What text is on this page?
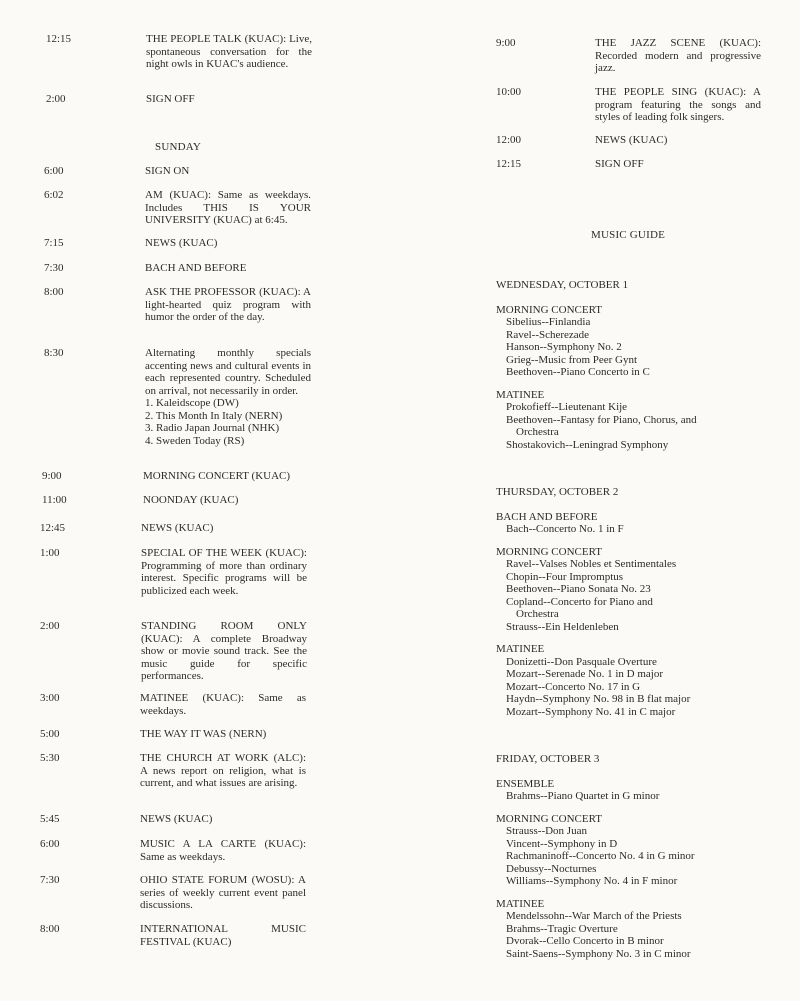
12:15	THE PEOPLE TALK (KUAC): Live, spontaneous conversation for the night owls in KUAC's audience.
2:00	SIGN OFF
SUNDAY
6:00	SIGN ON
6:02	AM (KUAC): Same as weekdays. Includes THIS IS YOUR UNIVERSITY (KUAC) at 6:45.
7:15	NEWS (KUAC)
7:30	BACH AND BEFORE
8:00	ASK THE PROFESSOR (KUAC): A light-hearted quiz program with humor the order of the day.
8:30	Alternating monthly specials accenting news and cultural events in each represented country. Scheduled on arrival, not necessarily in order.
1. Kaleidscope (DW)
2. This Month In Italy (NERN)
3. Radio Japan Journal (NHK)
4. Sweden Today (RS)
9:00	MORNING CONCERT (KUAC)
11:00	NOONDAY (KUAC)
12:45	NEWS (KUAC)
1:00	SPECIAL OF THE WEEK (KUAC): Programming of more than ordinary interest. Specific programs will be publicized each week.
2:00	STANDING ROOM ONLY (KUAC): A complete Broadway show or movie sound track. See the music guide for specific performances.
3:00	MATINEE (KUAC): Same as weekdays.
5:00	THE WAY IT WAS (NERN)
5:30	THE CHURCH AT WORK (ALC): A news report on religion, what is current, and what issues are arising.
5:45	NEWS (KUAC)
6:00	MUSIC A LA CARTE (KUAC): Same as weekdays.
7:30	OHIO STATE FORUM (WOSU): A series of weekly current event panel discussions.
8:00	INTERNATIONAL MUSIC FESTIVAL (KUAC)
9:00	THE JAZZ SCENE (KUAC): Recorded modern and progressive jazz.
10:00	THE PEOPLE SING (KUAC): A program featuring the songs and styles of leading folk singers.
12:00	NEWS (KUAC)
12:15	SIGN OFF
MUSIC GUIDE
WEDNESDAY, OCTOBER 1
MORNING CONCERT
Sibelius--Finlandia
Ravel--Scherezade
Hanson--Symphony No. 2
Grieg--Music from Peer Gynt
Beethoven--Piano Concerto in C
MATINEE
Prokofieff--Lieutenant Kije
Beethoven--Fantasy for Piano, Chorus, and
Orchestra
Shostakovich--Leningrad Symphony
THURSDAY, OCTOBER 2
BACH AND BEFORE
Bach--Concerto No. 1 in F
MORNING CONCERT
Ravel--Valses Nobles et Sentimentales
Chopin--Four Impromptus
Beethoven--Piano Sonata No. 23
Copland--Concerto for Piano and
Orchestra
Strauss--Ein Heldenleben
MATINEE
Donizetti--Don Pasquale Overture
Mozart--Serenade No. 1 in D major
Mozart--Concerto No. 17 in G
Haydn--Symphony No. 98 in B flat major
Mozart--Symphony No. 41 in C major
FRIDAY, OCTOBER 3
ENSEMBLE
Brahms--Piano Quartet in G minor
MORNING CONCERT
Strauss--Don Juan
Vincent--Symphony in D
Rachmaninoff--Concerto No. 4 in G minor
Debussy--Nocturnes
Williams--Symphony No. 4 in F minor
MATINEE
Mendelssohn--War March of the Priests
Brahms--Tragic Overture
Dvorak--Cello Concerto in B minor
Saint-Saens--Symphony No. 3 in C minor
